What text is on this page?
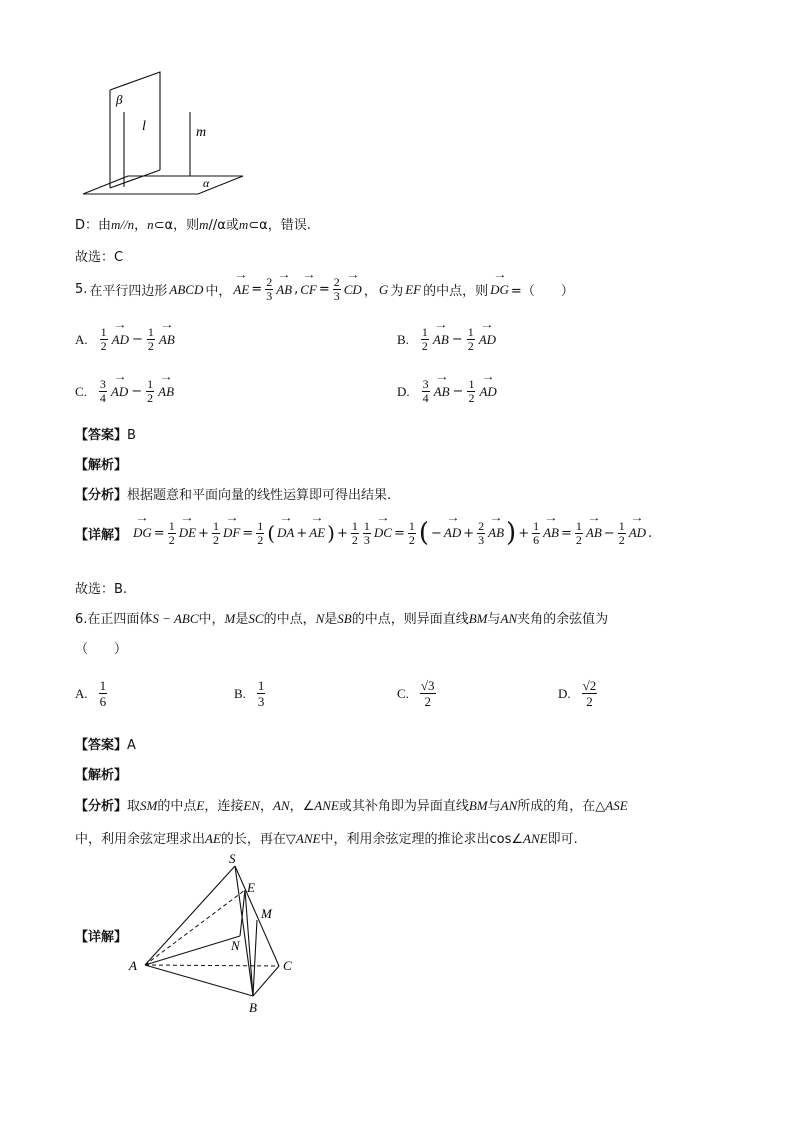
β
l	m
α
D：由m//n，n⊂α，则m//α或m⊂α，错误.
故选：C
5. 在平行四边形 ABCD 中， → AE = $\frac{2}{3}$ → AB , → CF = $\frac{2}{3}$ → CD ， G 为 EF 的中点，则 → DG =（　　）
A. $\frac{1}{2}$ → AD − $\frac{1}{2}$ → AB	B. $\frac{1}{2}$ → AB − $\frac{1}{2}$ → AD
C. $\frac{3}{4}$ → AD − $\frac{1}{2}$ → AB	D. $\frac{3}{4}$ → AB − $\frac{1}{2}$ → AD
【答案】B
【解析】
【分析】根据题意和平面向量的线性运算即可得出结果.
【详解】 → DG = $\frac{1}{2}$ → DE + $\frac{1}{2}$ → DF = $\frac{1}{2}$ ( → DA + → AE ) + $\frac{1}{2} \frac{1}{3}$ → DC = $\frac{1}{2}$ ( − → AD + $\frac{2}{3}$ → AB ) + $\frac{1}{6}$ → AB = $\frac{1}{2}$ → AB − $\frac{1}{2}$ → AD .
故选：B.
6.在正四面体S − ABC中，M是SC的中点，N是SB的中点，则异面直线BM与AN夹角的余弦值为
（　　）
A. $\frac{1}{6}$	B. $\frac{1}{3}$	C. $\frac{√3}{2}$	D. $\frac{√2}{2}$
【答案】A
【解析】
【分析】取SM的中点E，连接EN，AN，∠ANE或其补角即为异面直线BM与AN所成的角，在△ASE
中，利用余弦定理求出AE的长，再在▽ANE中，利用余弦定理的推论求出cos∠ANE即可.
【详解】
S
E
M
N
A	C
B
